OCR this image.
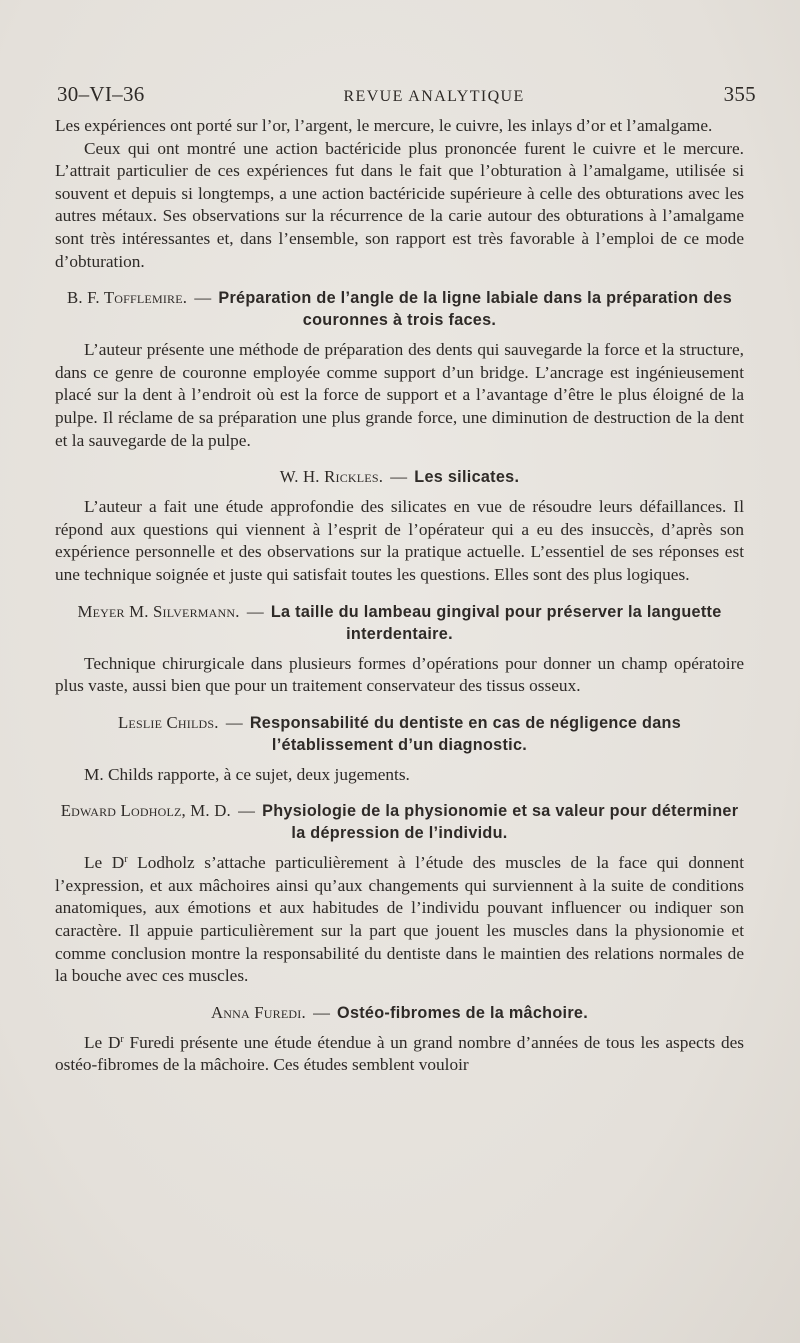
30–VI–36	REVUE ANALYTIQUE	355

Les expériences ont porté sur l’or, l’argent, le mercure, le cuivre, les inlays d’or et l’amalgame.

Ceux qui ont montré une action bactéricide plus prononcée furent le cuivre et le mercure. L’attrait particulier de ces expériences fut dans le fait que l’obturation à l’amalgame, utilisée si souvent et depuis si longtemps, a une action bactéricide supérieure à celle des obturations avec les autres métaux. Ses observations sur la récurrence de la carie autour des obturations à l’amalgame sont très intéressantes et, dans l’ensemble, son rapport est très favorable à l’emploi de ce mode d’obturation.

B. F. Tofflemire. — Préparation de l’angle de la ligne labiale dans la préparation des couronnes à trois faces.

L’auteur présente une méthode de préparation des dents qui sauvegarde la force et la structure, dans ce genre de couronne employée comme support d’un bridge. L’ancrage est ingénieusement placé sur la dent à l’endroit où est la force de support et a l’avantage d’être le plus éloigné de la pulpe. Il réclame de sa préparation une plus grande force, une diminution de destruction de la dent et la sauvegarde de la pulpe.

W. H. Rickles. — Les silicates.

L’auteur a fait une étude approfondie des silicates en vue de résoudre leurs défaillances. Il répond aux questions qui viennent à l’esprit de l’opérateur qui a eu des insuccès, d’après son expérience personnelle et des observations sur la pratique actuelle. L’essentiel de ses réponses est une technique soignée et juste qui satisfait toutes les questions. Elles sont des plus logiques.

Meyer M. Silvermann. — La taille du lambeau gingival pour préserver la languette interdentaire.

Technique chirurgicale dans plusieurs formes d’opérations pour donner un champ opératoire plus vaste, aussi bien que pour un traitement conservateur des tissus osseux.

Leslie Childs. — Responsabilité du dentiste en cas de négligence dans l’établissement d’un diagnostic.

M. Childs rapporte, à ce sujet, deux jugements.

Edward Lodholz, M. D. — Physiologie de la physionomie et sa valeur pour déterminer la dépression de l’individu.

Le $D^r$ Lodholz s’attache particulièrement à l’étude des muscles de la face qui donnent l’expression, et aux mâchoires ainsi qu’aux changements qui surviennent à la suite de conditions anatomiques, aux émotions et aux habitudes de l’individu pouvant influencer ou indiquer son caractère. Il appuie particulièrement sur la part que jouent les muscles dans la physionomie et comme conclusion montre la responsabilité du dentiste dans le maintien des relations normales de la bouche avec ces muscles.

Anna Furedi. — Ostéo-fibromes de la mâchoire.

Le $D^r$ Furedi présente une étude étendue à un grand nombre d’années de tous les aspects des ostéo-fibromes de la mâchoire. Ces études semblent vouloir
